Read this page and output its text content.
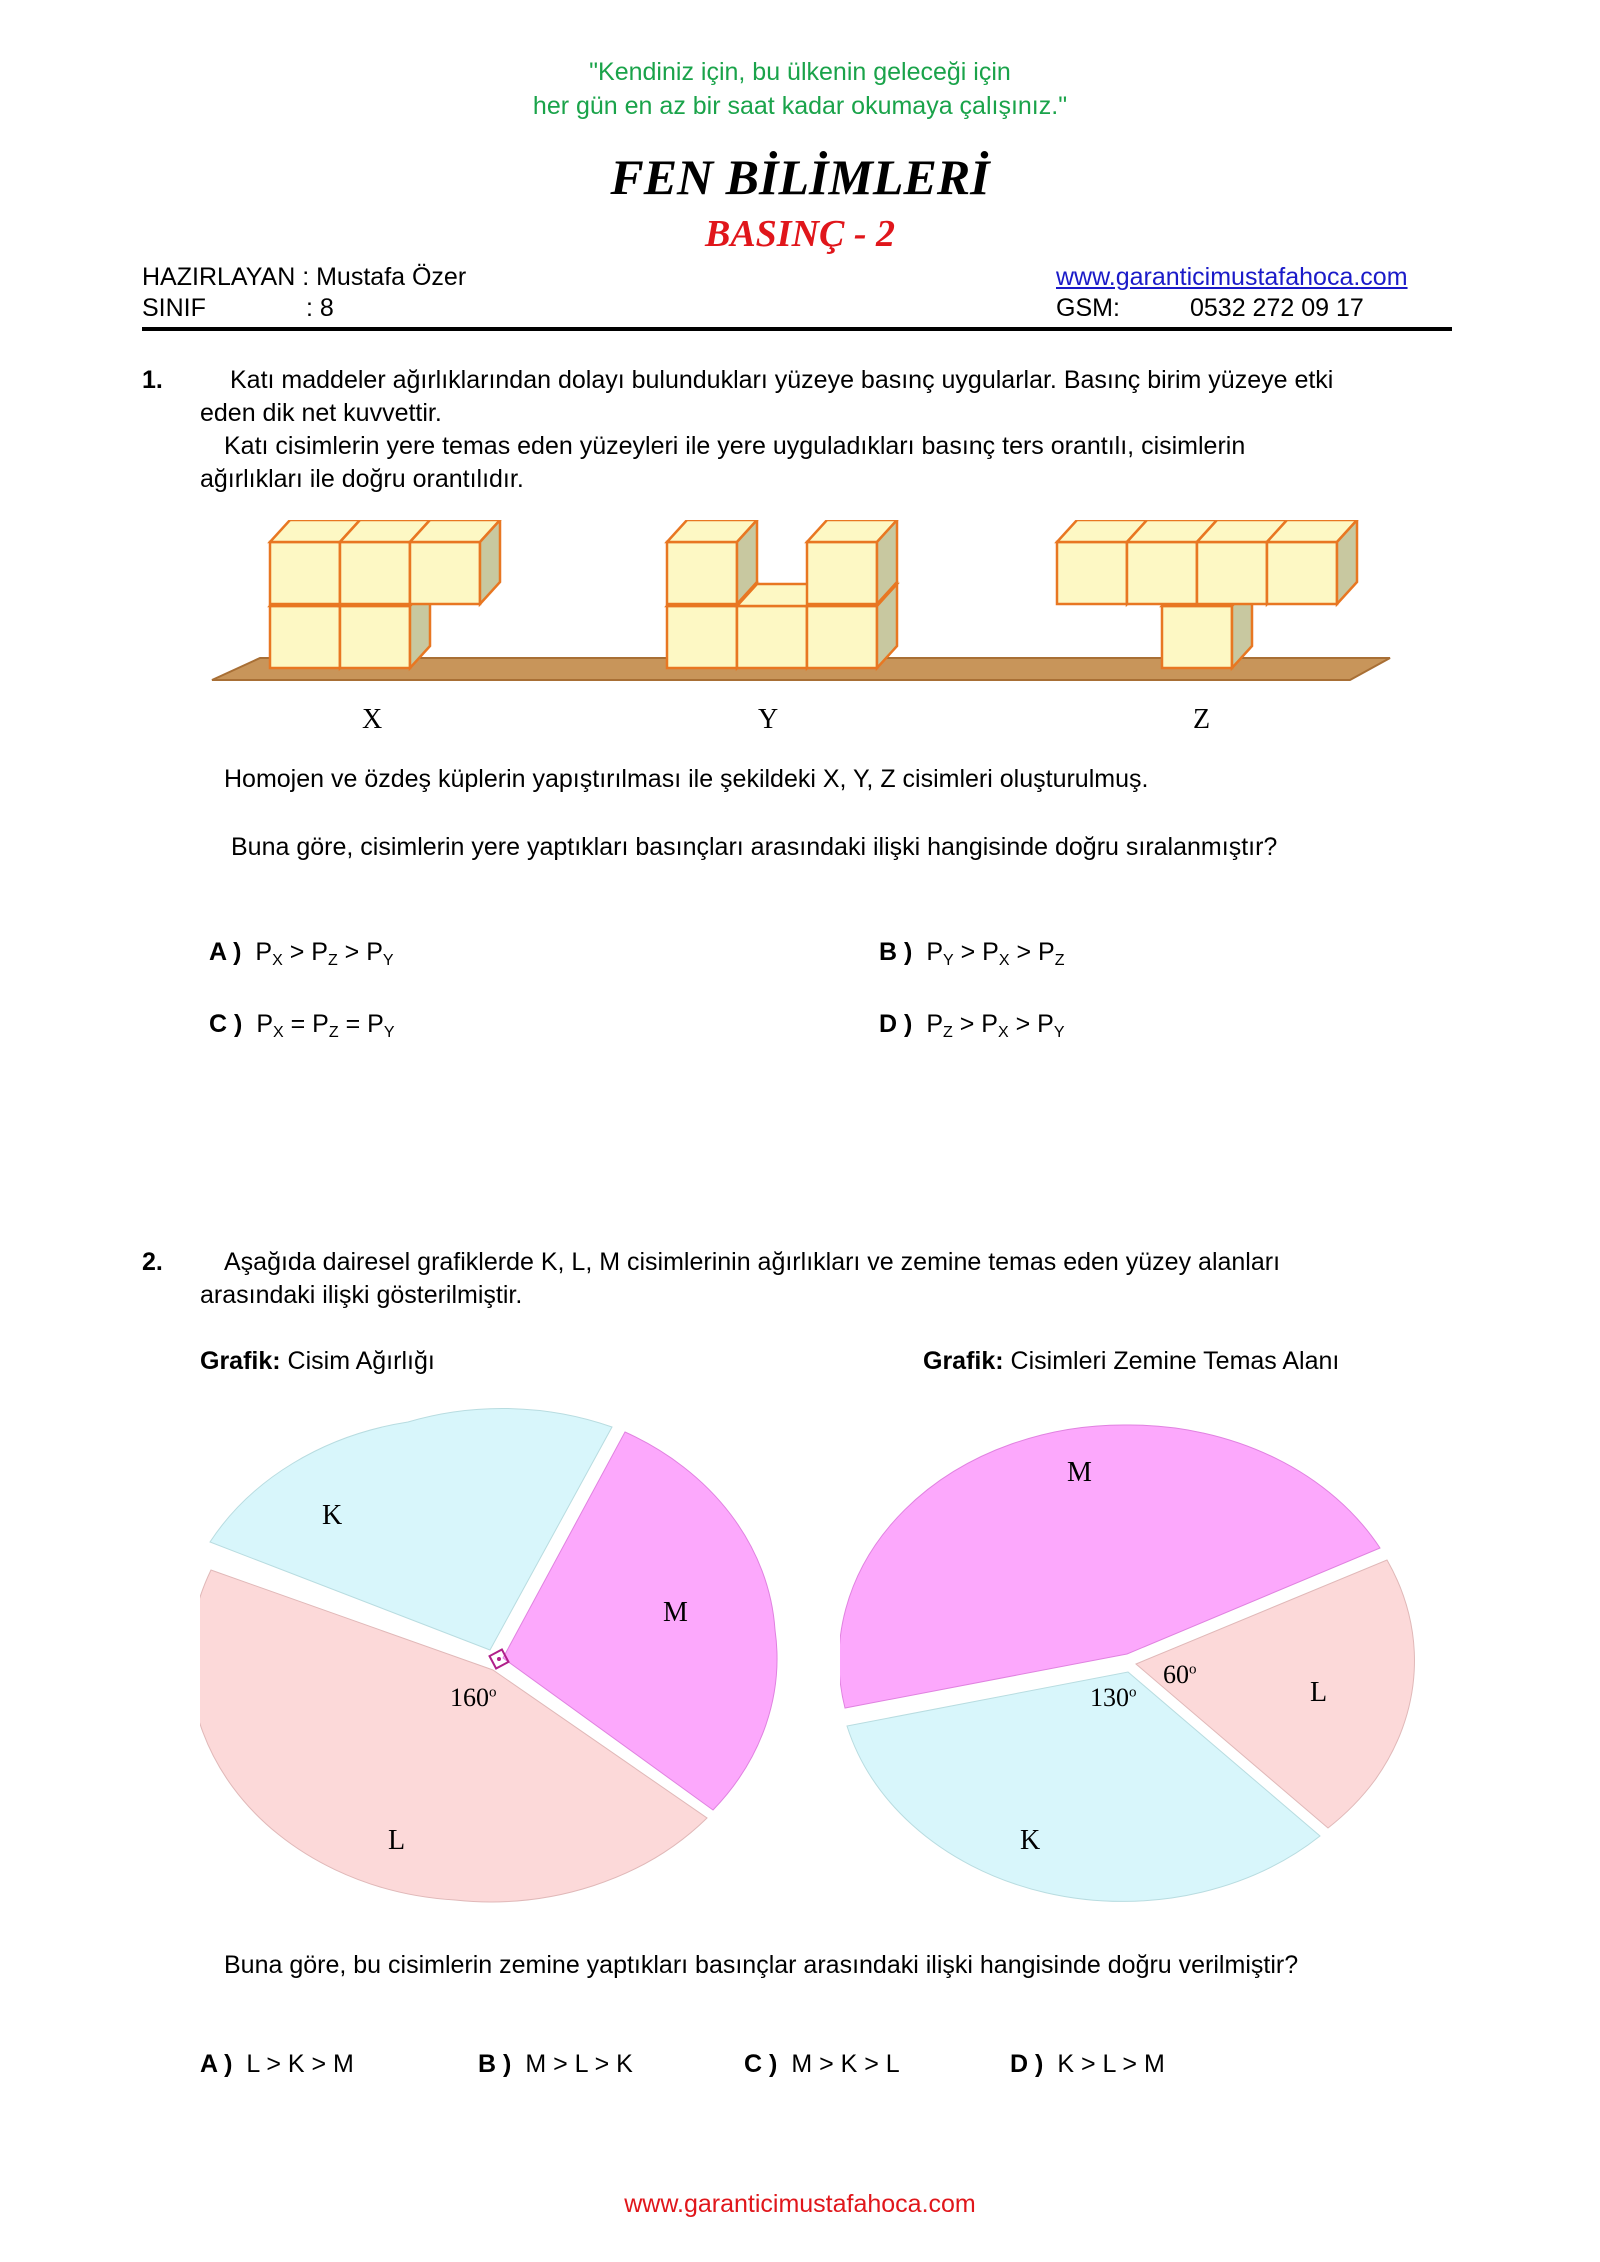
"Kendiniz için, bu ülkenin geleceği için
her gün en az bir saat kadar okumaya çalışınız."
FEN BİLİMLERİ
BASINÇ - 2
HAZIRLAYAN : Mustafa Özer
SINIF	: 8
www.garanticimustafahoca.com
GSM:	0532 272 09 17
1.	Katı maddeler ağırlıklarından dolayı bulundukları yüzeye basınç uygularlar. Basınç birim yüzeye etki
eden dik net kuvvettir.
Katı cisimlerin yere temas eden yüzeyleri ile yere uyguladıkları basınç ters orantılı, cisimlerin
ağırlıkları ile doğru orantılıdır.
X	Y	Z
Homojen ve özdeş küplerin yapıştırılması ile şekildeki X, Y, Z cisimleri oluşturulmuş.
Buna göre, cisimlerin yere yaptıkları basınçları arasındaki ilişki hangisinde doğru sıralanmıştır?
A ) $P_X > P_Z > P_Y$	B ) $P_Y > P_X > P_Z$
C ) $P_X = P_Z = P_Y$	D ) $P_Z > P_X > P_Y$
2. Aşağıda dairesel grafiklerde K, L, M cisimlerinin ağırlıkları ve zemine temas eden yüzey alanları
arasındaki ilişki gösterilmiştir.
Grafik: Cisim Ağırlığı	Grafik: Cisimleri Zemine Temas Alanı
K
M
L
160$^o$
M
L
K
130$^o$
60$^o$
Buna göre, bu cisimlerin zemine yaptıkları basınçlar arasındaki ilişki hangisinde doğru verilmiştir?
A ) L > K > M	B ) M > L > K	C ) M > K > L	D ) K > L > M
www.garanticimustafahoca.com
